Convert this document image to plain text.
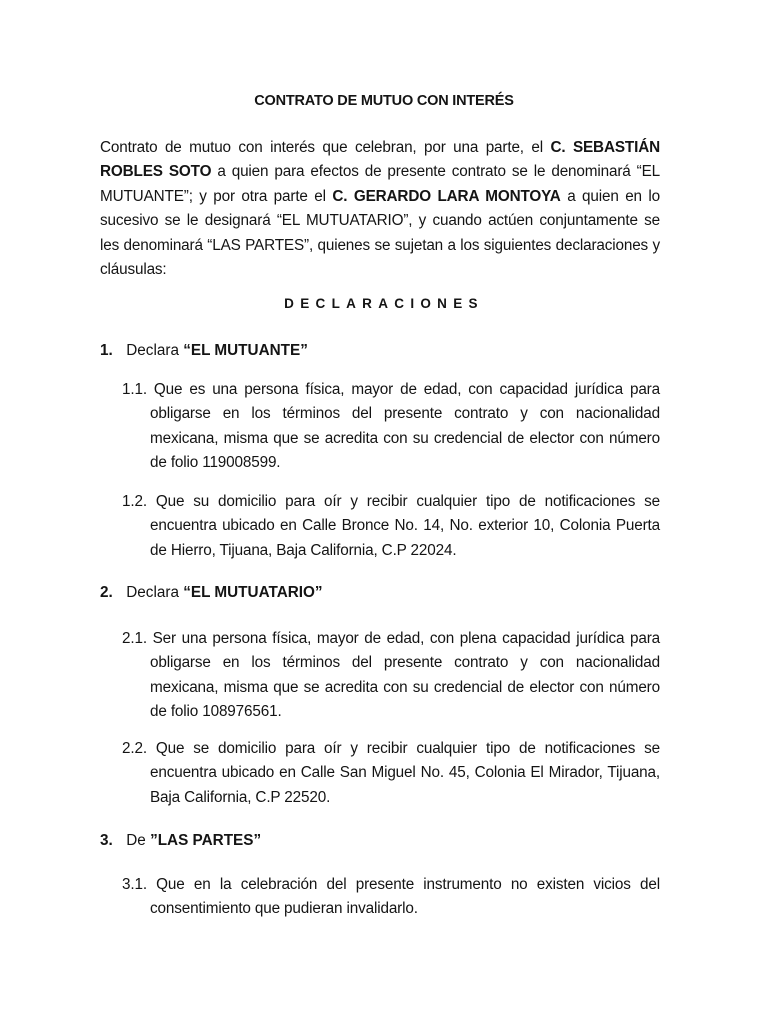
CONTRATO DE MUTUO CON INTERÉS

Contrato de mutuo con interés que celebran, por una parte, el C. SEBASTIÁN ROBLES SOTO a quien para efectos de presente contrato se le denominará “EL MUTUANTE”; y por otra parte el C. GERARDO LARA MONTOYA a quien en lo sucesivo se le designará “EL MUTUATARIO”, y cuando actúen conjuntamente se les denominará “LAS PARTES”, quienes se sujetan a los siguientes declaraciones y cláusulas:

DECLARACIONES
1. Declara “EL MUTUANTE”

1.1. Que es una persona física, mayor de edad, con capacidad jurídica para obligarse en los términos del presente contrato y con nacionalidad mexicana, misma que se acredita con su credencial de elector con número de folio 119008599.

1.2. Que su domicilio para oír y recibir cualquier tipo de notificaciones se encuentra ubicado en Calle Bronce No. 14, No. exterior 10, Colonia Puerta de Hierro, Tijuana, Baja California, C.P 22024.

2. Declara “EL MUTUATARIO”

2.1. Ser una persona física, mayor de edad, con plena capacidad jurídica para obligarse en los términos del presente contrato y con nacionalidad mexicana, misma que se acredita con su credencial de elector con número de folio 108976561.

2.2. Que se domicilio para oír y recibir cualquier tipo de notificaciones se encuentra ubicado en Calle San Miguel No. 45, Colonia El Mirador, Tijuana, Baja California, C.P 22520.

3. De ”LAS PARTES”

3.1. Que en la celebración del presente instrumento no existen vicios del consentimiento que pudieran invalidarlo.
